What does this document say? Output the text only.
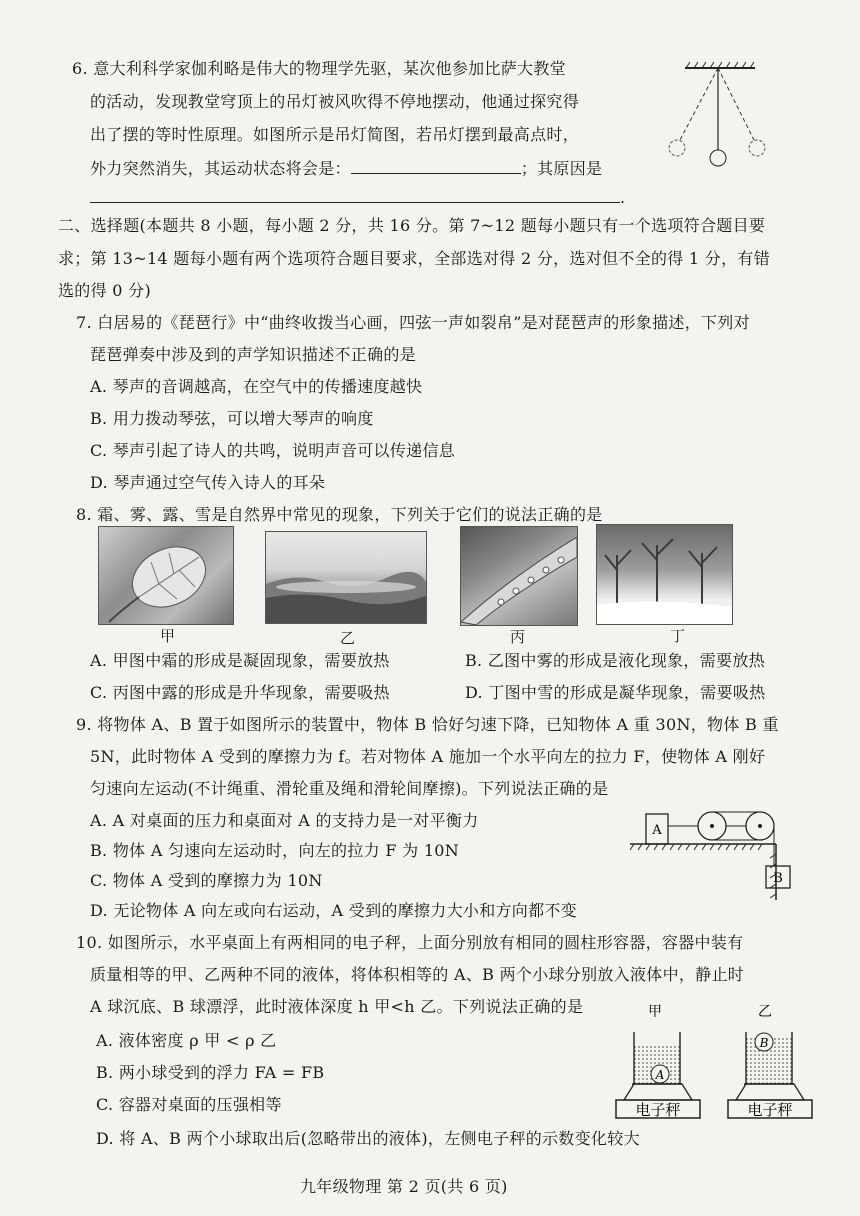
6. 意大利科学家伽利略是伟大的物理学先驱，某次他参加比萨大教堂
的活动，发现教堂穹顶上的吊灯被风吹得不停地摆动，他通过探究得
出了摆的等时性原理。如图所示是吊灯简图，若吊灯摆到最高点时，
外力突然消失，其运动状态将会是：	；其原因是
.
二、选择题(本题共 8 小题，每小题 2 分，共 16 分。第 7~12 题每小题只有一个选项符合题目要
求；第 13~14 题每小题有两个选项符合题目要求，全部选对得 2 分，选对但不全的得 1 分，有错
选的得 0 分)
7. 白居易的《琵琶行》中“曲终收拨当心画，四弦一声如裂帛”是对琵琶声的形象描述，下列对
琵琶弹奏中涉及到的声学知识描述不正确的是
A. 琴声的音调越高，在空气中的传播速度越快
B. 用力拨动琴弦，可以增大琴声的响度
C. 琴声引起了诗人的共鸣，说明声音可以传递信息
D. 琴声通过空气传入诗人的耳朵
8. 霜、雾、露、雪是自然界中常见的现象，下列关于它们的说法正确的是
甲	乙	丙	丁
A. 甲图中霜的形成是凝固现象，需要放热	B. 乙图中雾的形成是液化现象，需要放热
C. 丙图中露的形成是升华现象，需要吸热	D. 丁图中雪的形成是凝华现象，需要吸热
9. 将物体 A、B 置于如图所示的装置中，物体 B 恰好匀速下降，已知物体 A 重 30N，物体 B 重
5N，此时物体 A 受到的摩擦力为 f。若对物体 A 施加一个水平向左的拉力 F，使物体 A 刚好
匀速向左运动(不计绳重、滑轮重及绳和滑轮间摩擦)。下列说法正确的是
A. A 对桌面的压力和桌面对 A 的支持力是一对平衡力
B. 物体 A 匀速向左运动时，向左的拉力 F 为 10N
C. 物体 A 受到的摩擦力为 10N
D. 无论物体 A 向左或向右运动，A 受到的摩擦力大小和方向都不变
A
B
10. 如图所示，水平桌面上有两相同的电子秤，上面分别放有相同的圆柱形容器，容器中装有
质量相等的甲、乙两种不同的液体，将体积相等的 A、B 两个小球分别放入液体中，静止时
A 球沉底、B 球漂浮，此时液体深度 h 甲<h 乙。下列说法正确的是
A. 液体密度 ρ 甲 < ρ 乙
B. 两小球受到的浮力 FA = FB
C. 容器对桌面的压强相等
D. 将 A、B 两个小球取出后(忽略带出的液体)，左侧电子秤的示数变化较大
甲	乙
A
电子秤
B
电子秤
九年级物理 第 2 页(共 6 页)
